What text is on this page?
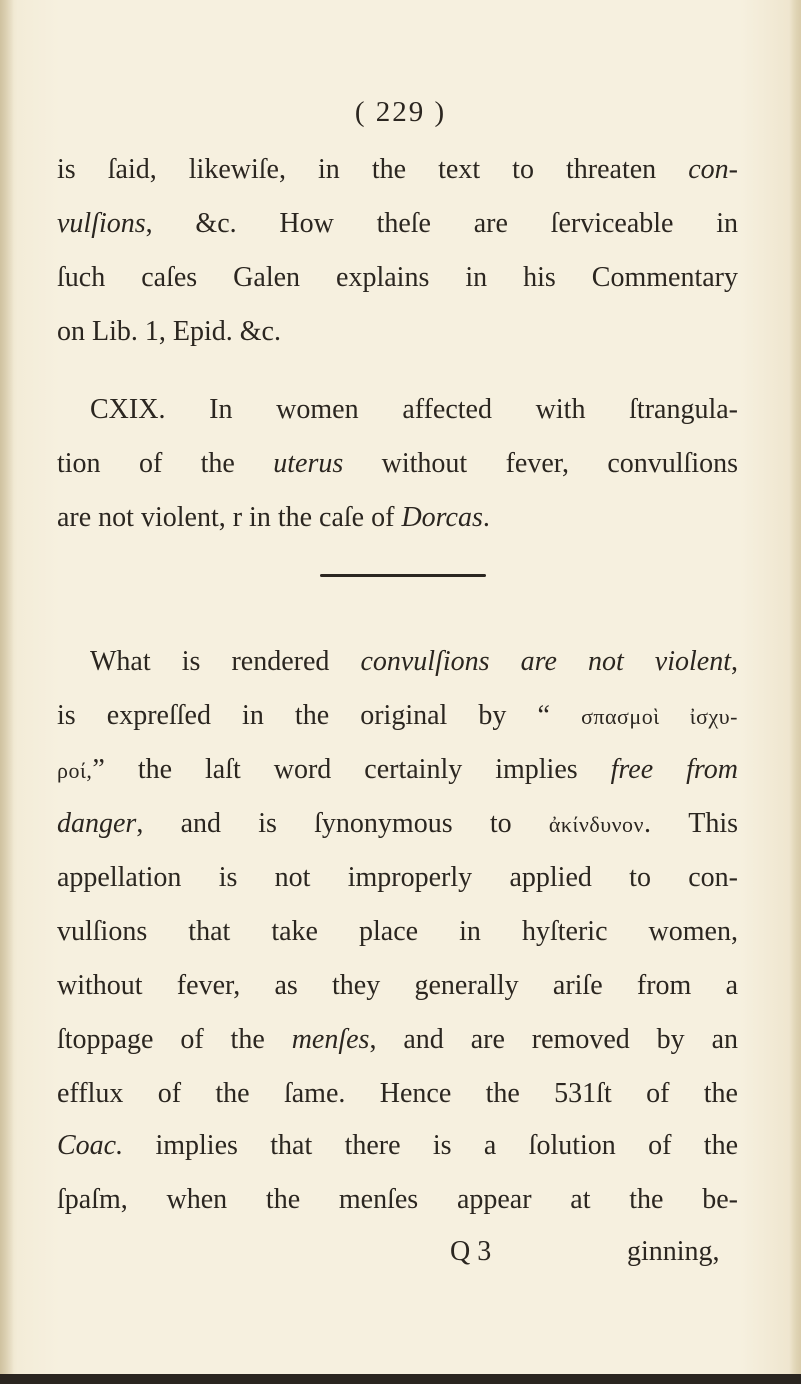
( 229 )
is ſaid, likewiſe, in the text to threaten con-
vulſions, &c. How theſe are ſerviceable in
ſuch caſes Galen explains in his Commentary
on Lib. 1, Epid. &c.
CXIX. In women affected with ſtrangula-
tion of the uterus without fever, convulſions
are not violent, r in the caſe of Dorcas.
What is rendered convulſions are not violent,
is expreſſed in the original by “ σπασμοὶ ἰσχυ-
ροί,” the laſt word certainly implies free from
danger, and is ſynonymous to ἀκίνδυνον. This
appellation is not improperly applied to con-
vulſions that take place in hyſteric women,
without fever, as they generally ariſe from a
ſtoppage of the menſes, and are removed by an
efflux of the ſame. Hence the 531ſt of the
Coac. implies that there is a ſolution of the
ſpaſm, when the menſes appear at the be-
Q 3	ginning,
